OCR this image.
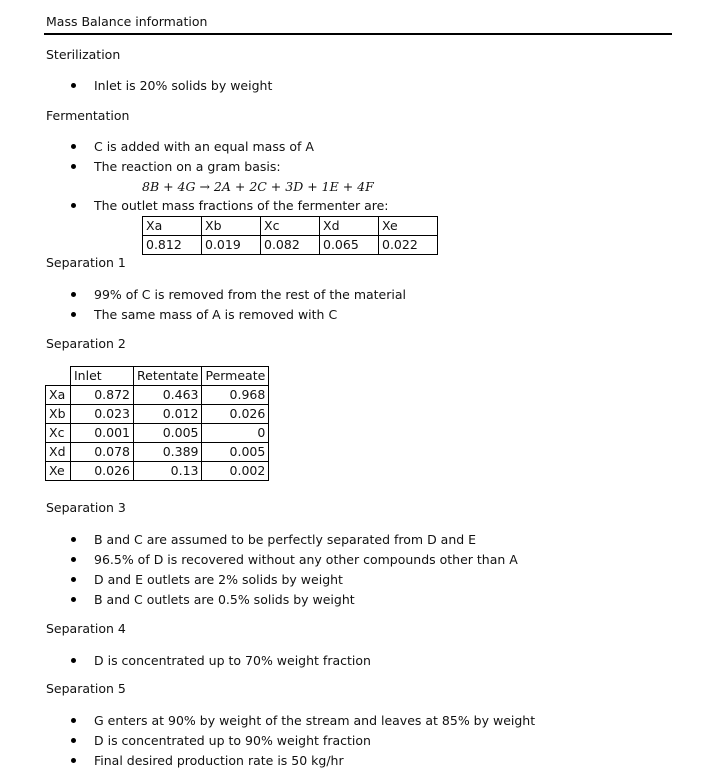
Mass Balance information
Sterilization
Inlet is 20% solids by weight
Fermentation
C is added with an equal mass of A
The reaction on a gram basis:
8B + 4G → 2A + 2C + 3D + 1E + 4F
The outlet mass fractions of the fermenter are:
Xa	Xb	Xc	Xd	Xe
0.812	0.019	0.082	0.065	0.022
Separation 1
99% of C is removed from the rest of the material
The same mass of A is removed with C
Separation 2
	Inlet	Retentate	Permeate
Xa	0.872	0.463	0.968
Xb	0.023	0.012	0.026
Xc	0.001	0.005	0
Xd	0.078	0.389	0.005
Xe	0.026	0.13	0.002
Separation 3
B and C are assumed to be perfectly separated from D and E
96.5% of D is recovered without any other compounds other than A
D and E outlets are 2% solids by weight
B and C outlets are 0.5% solids by weight
Separation 4
D is concentrated up to 70% weight fraction
Separation 5
G enters at 90% by weight of the stream and leaves at 85% by weight
D is concentrated up to 90% weight fraction
Final desired production rate is 50 kg/hr
